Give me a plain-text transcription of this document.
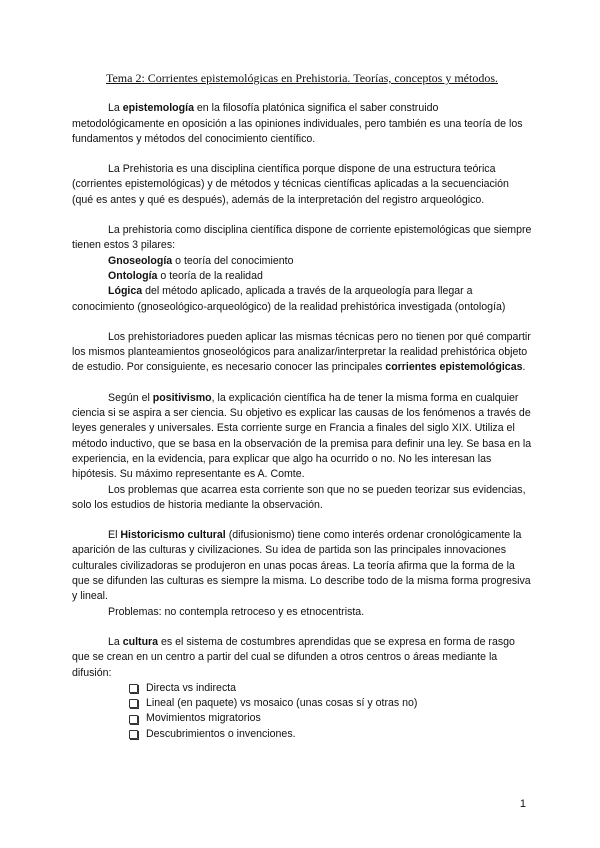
Tema 2: Corrientes epistemológicas en Prehistoria. Teorías, conceptos y métodos.

La epistemología en la filosofía platónica significa el saber construido metodológicamente en oposición a las opiniones individuales, pero también es una teoría de los fundamentos y métodos del conocimiento científico.

La Prehistoria es una disciplina científica porque dispone de una estructura teórica (corrientes epistemológicas) y de métodos y técnicas científicas aplicadas a la secuenciación (qué es antes y qué es después), además de la interpretación del registro arqueológico.

La prehistoria como disciplina científica dispone de corriente epistemológicas que siempre tienen estos 3 pilares:

Gnoseología o teoría del conocimiento

Ontología o teoría de la realidad

Lógica del método aplicado, aplicada a través de la arqueología para llegar a conocimiento (gnoseológico-arqueológico) de la realidad prehistórica investigada (ontología)

Los prehistoriadores pueden aplicar las mismas técnicas pero no tienen por qué compartir los mismos planteamientos gnoseológicos para analizar/interpretar la realidad prehistórica objeto de estudio. Por consiguiente, es necesario conocer las principales corrientes epistemológicas.

Según el positivismo, la explicación científica ha de tener la misma forma en cualquier ciencia si se aspira a ser ciencia. Su objetivo es explicar las causas de los fenómenos a través de leyes generales y universales. Esta corriente surge en Francia a finales del siglo XIX. Utiliza el método inductivo, que se basa en la observación de la premisa para definir una ley. Se basa en la experiencia, en la evidencia, para explicar que algo ha ocurrido o no. No les interesan las hipótesis. Su máximo representante es A. Comte.

Los problemas que acarrea esta corriente son que no se pueden teorizar sus evidencias, solo los estudios de historia mediante la observación.

El Historicismo cultural (difusionismo) tiene como interés ordenar cronológicamente la aparición de las culturas y civilizaciones. Su idea de partida son las principales innovaciones culturales civilizadoras se produjeron en unas pocas áreas. La teoría afirma que la forma de la que se difunden las culturas es siempre la misma. Lo describe todo de la misma forma progresiva y lineal.

Problemas: no contempla retroceso y es etnocentrista.

La cultura es el sistema de costumbres aprendidas que se expresa en forma de rasgo que se crean en un centro a partir del cual se difunden a otros centros o áreas mediante la difusión:

Directa vs indirecta
Lineal (en paquete) vs mosaico (unas cosas sí y otras no)
Movimientos migratorios
Descubrimientos o invenciones.
1
